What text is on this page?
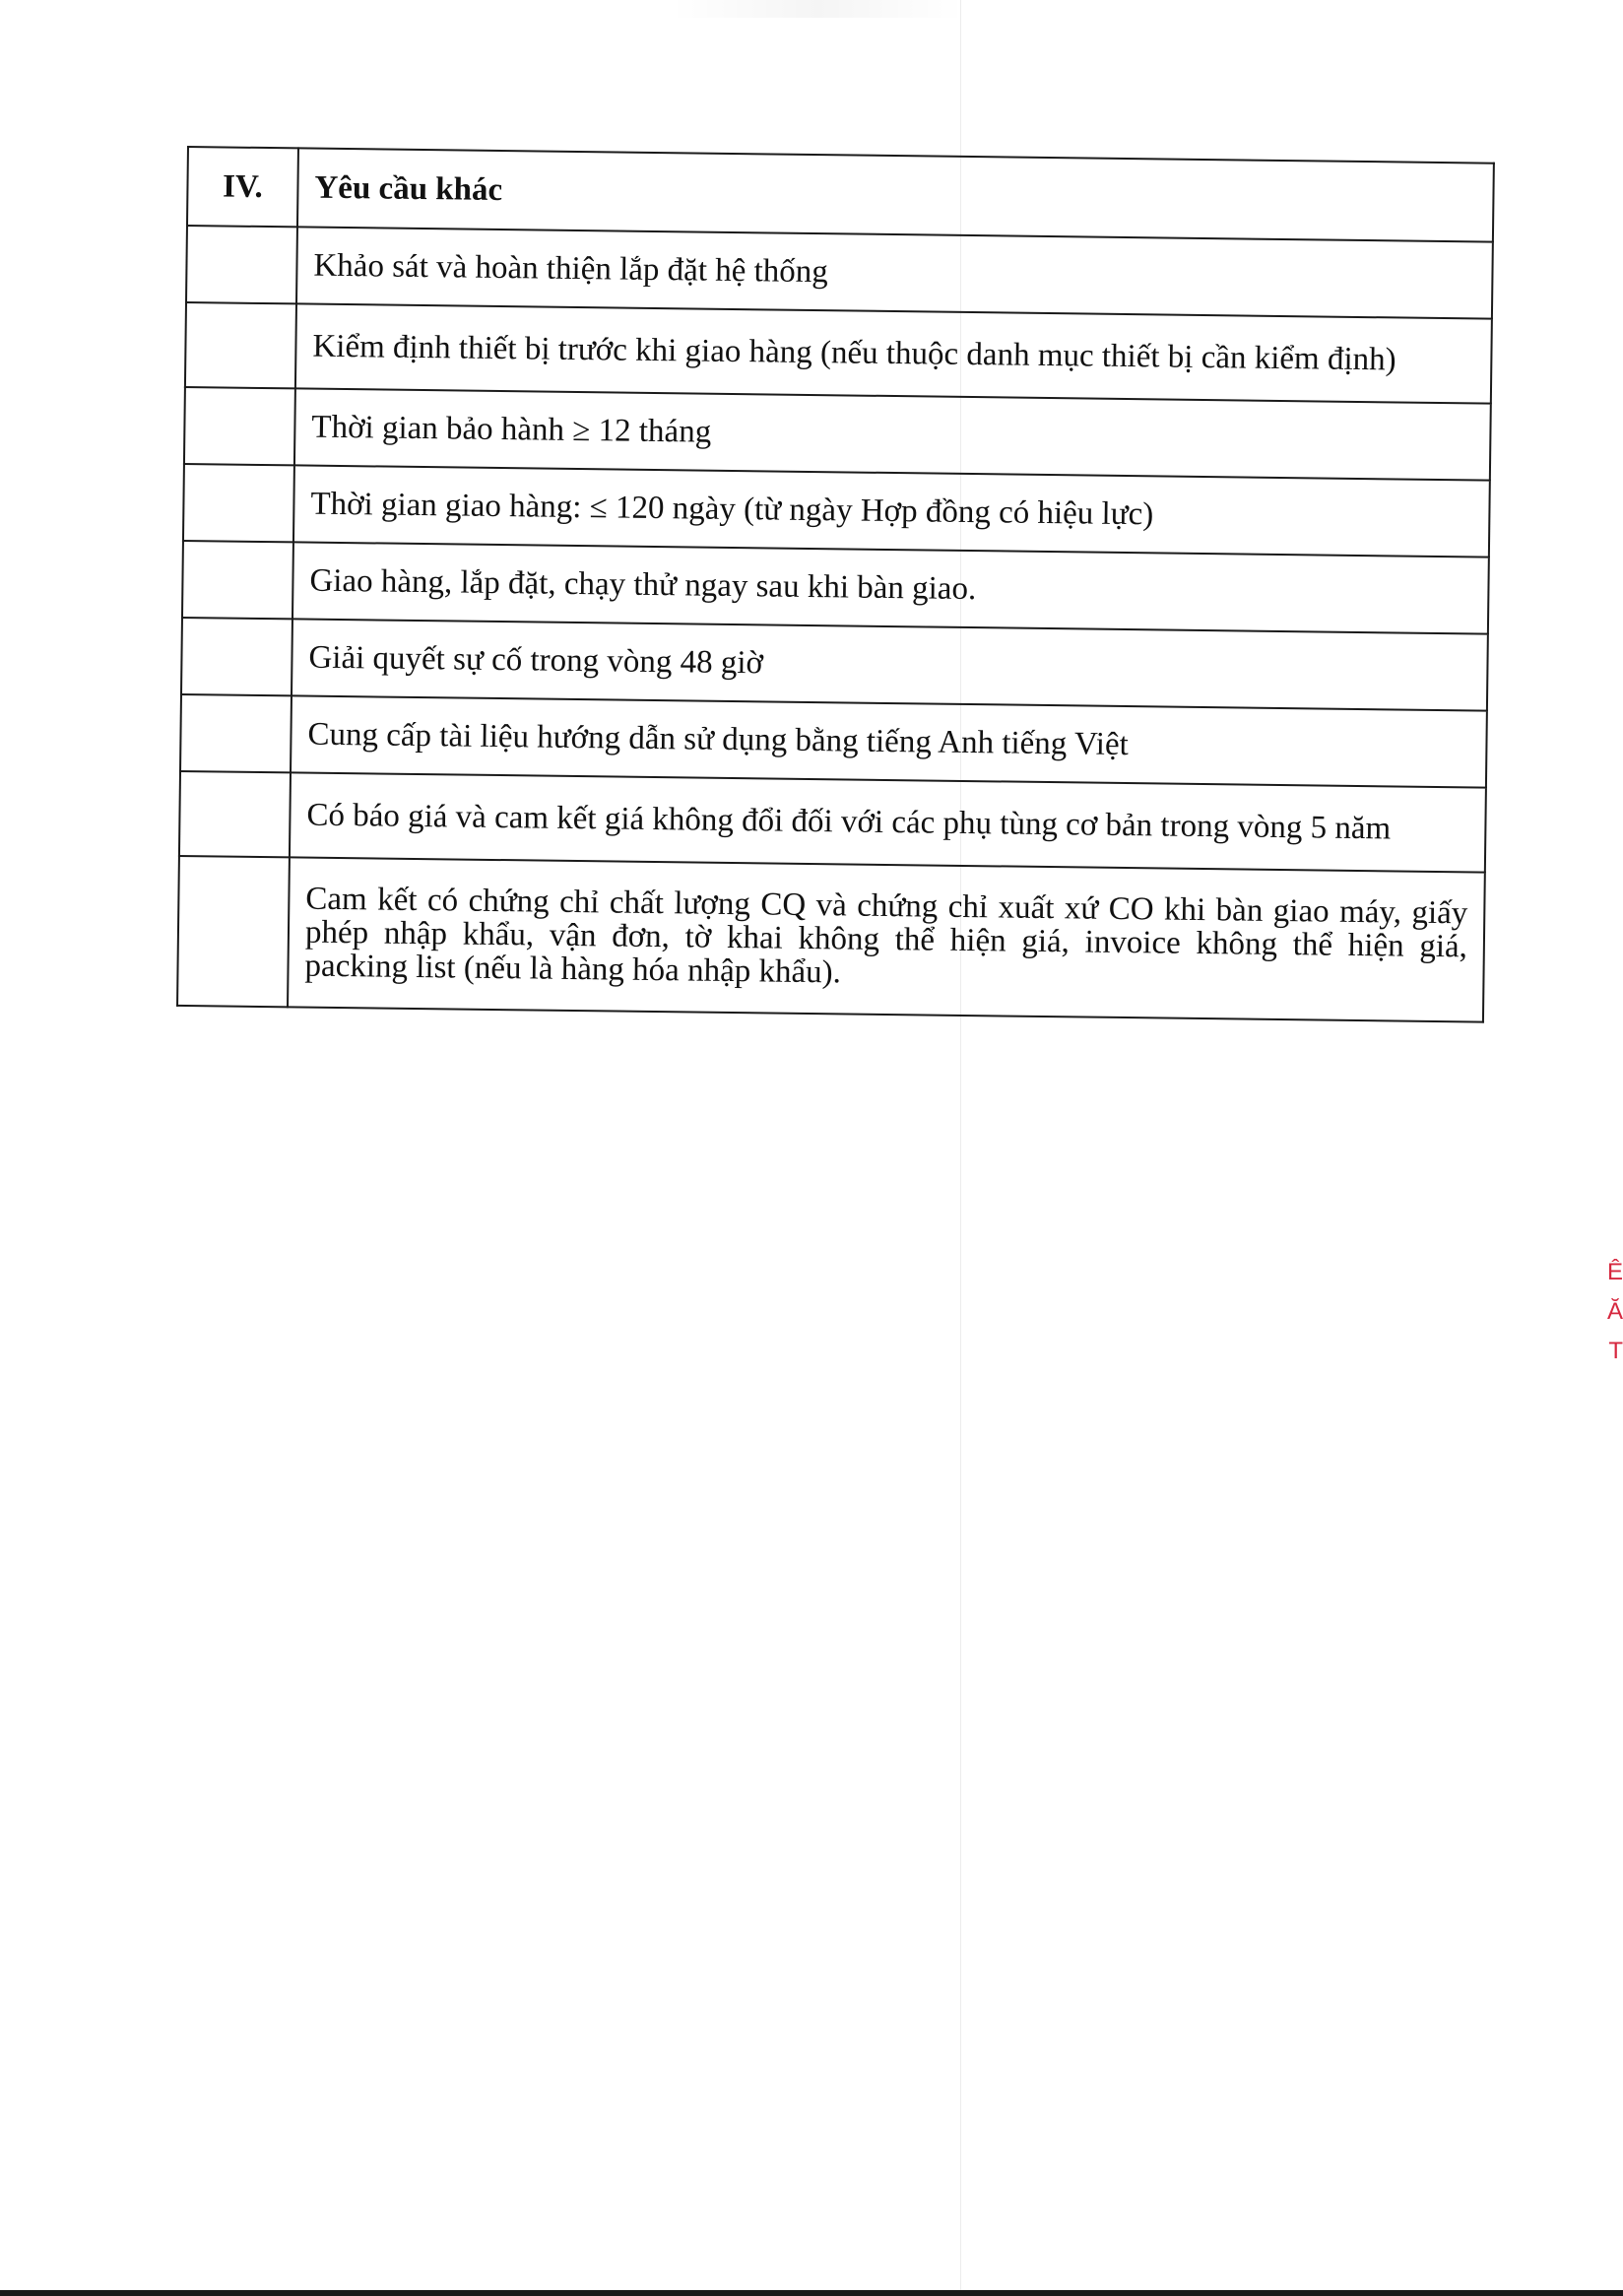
IV.	Yêu cầu khác
	Khảo sát và hoàn thiện lắp đặt hệ thống
	Kiểm định thiết bị trước khi giao hàng (nếu thuộc danh mục thiết bị cần kiểm định)
	Thời gian bảo hành ≥ 12 tháng
	Thời gian giao hàng: ≤ 120 ngày (từ ngày Hợp đồng có hiệu lực)
	Giao hàng, lắp đặt, chạy thử ngay sau khi bàn giao.
	Giải quyết sự cố trong vòng 48 giờ
	Cung cấp tài liệu hướng dẫn sử dụng bằng tiếng Anh tiếng Việt
	Có báo giá và cam kết giá không đổi đối với các phụ tùng cơ bản trong vòng 5 năm
	Cam kết có chứng chỉ chất lượng CQ và chứng chỉ xuất xứ CO khi bàn giao máy, giấy phép nhập khẩu, vận đơn, tờ khai không thể hiện giá, invoice không thể hiện giá, packing list (nếu là hàng hóa nhập khẩu).
Ê
Ă
T
